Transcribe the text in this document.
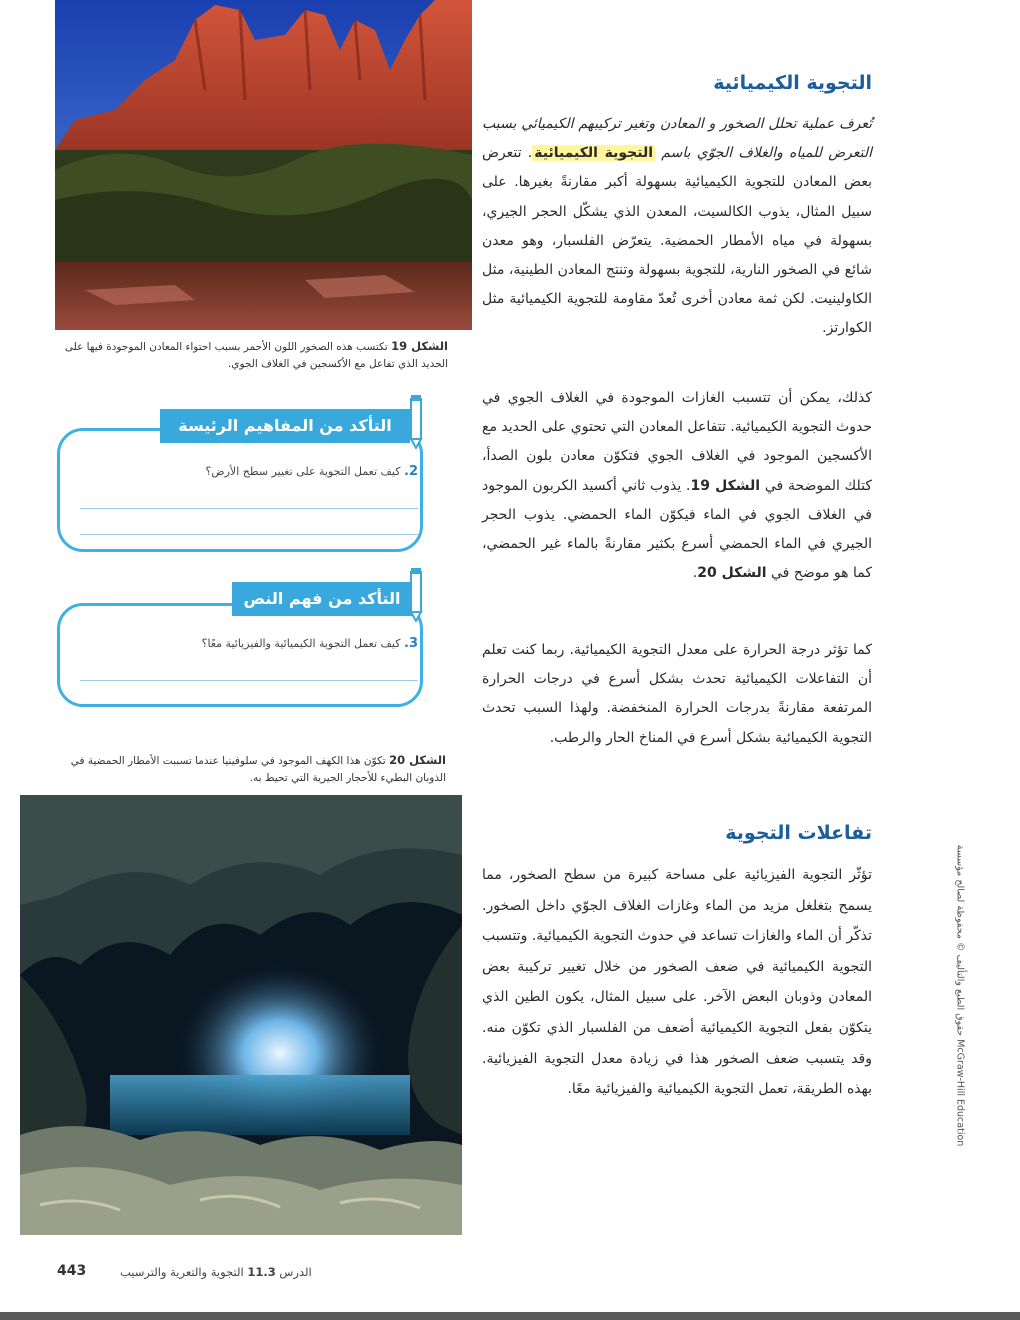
الشكل 19 تكتسب هذه الصخور اللون الأحمر بسبب احتواء المعادن الموجودة فيها على الحديد الذي تفاعل مع الأكسجين في الغلاف الجوي.
التأكد من المفاهيم الرئيسة
2. كيف تعمل التجوية على تغيير سطح الأرض؟
التأكد من فهم النص
3. كيف تعمل التجوية الكيميائية والفيزيائية معًا؟
الشكل 20 تكوّن هذا الكهف الموجود في سلوفينيا عندما تسببت الأمطار الحمضية في الذوبان البطيء للأحجار الجيرية التي تحيط به.
التجوية الكيميائية
تُعرف عملية تحلل الصخور و المعادن وتغير تركيبهم الكيميائي بسبب التعرض للمياه والغلاف الجوّي باسم التجوية الكيميائية. تتعرض بعض المعادن للتجوية الكيميائية بسهولة أكبر مقارنةً بغيرها. على سبيل المثال، يذوب الكالسيت، المعدن الذي يشكّل الحجر الجيري، بسهولة في مياه الأمطار الحمضية. يتعرّض الفلسبار، وهو معدن شائع في الصخور النارية، للتجوية بسهولة وتنتج المعادن الطينية، مثل الكاولينيت. لكن ثمة معادن أخرى تُعدّ مقاومة للتجوية الكيميائية مثل الكوارتز.
كذلك، يمكن أن تتسبب الغازات الموجودة في الغلاف الجوي في حدوث التجوية الكيميائية. تتفاعل المعادن التي تحتوي على الحديد مع الأكسجين الموجود في الغلاف الجوي فتكوّن معادن بلون الصدأ، كتلك الموضحة في الشكل 19. يذوب ثاني أكسيد الكربون الموجود في الغلاف الجوي في الماء فيكوّن الماء الحمضي. يذوب الحجر الجيري في الماء الحمضي أسرع بكثير مقارنةً بالماء غير الحمضي، كما هو موضح في الشكل 20.
كما تؤثر درجة الحرارة على معدل التجوية الكيميائية. ربما كنت تعلم أن التفاعلات الكيميائية تحدث بشكل أسرع في درجات الحرارة المرتفعة مقارنةً بدرجات الحرارة المنخفضة. ولهذا السبب تحدث التجوية الكيميائية بشكل أسرع في المناخ الحار والرطب.
تفاعلات التجوية
تؤثّر التجوية الفيزيائية على مساحة كبيرة من سطح الصخور، مما يسمح بتغلغل مزيد من الماء وغازات الغلاف الجوّي داخل الصخور. تذكّر أن الماء والغازات تساعد في حدوث التجوية الكيميائية. وتتسبب التجوية الكيميائية في ضعف الصخور من خلال تغيير تركيبة بعض المعادن وذوبان البعض الآخر. على سبيل المثال، يكون الطين الذي يتكوّن بفعل التجوية الكيميائية أضعف من الفلسبار الذي تكوّن منه. وقد يتسبب ضعف الصخور هذا في زيادة معدل التجوية الفيزيائية. بهذه الطريقة، تعمل التجوية الكيميائية والفيزيائية معًا.
حقوق الطبع والتأليف © محفوظة لصالح مؤسسة McGraw-Hill Education
443	الدرس 11.3 التجوية والتعرية والترسيب
